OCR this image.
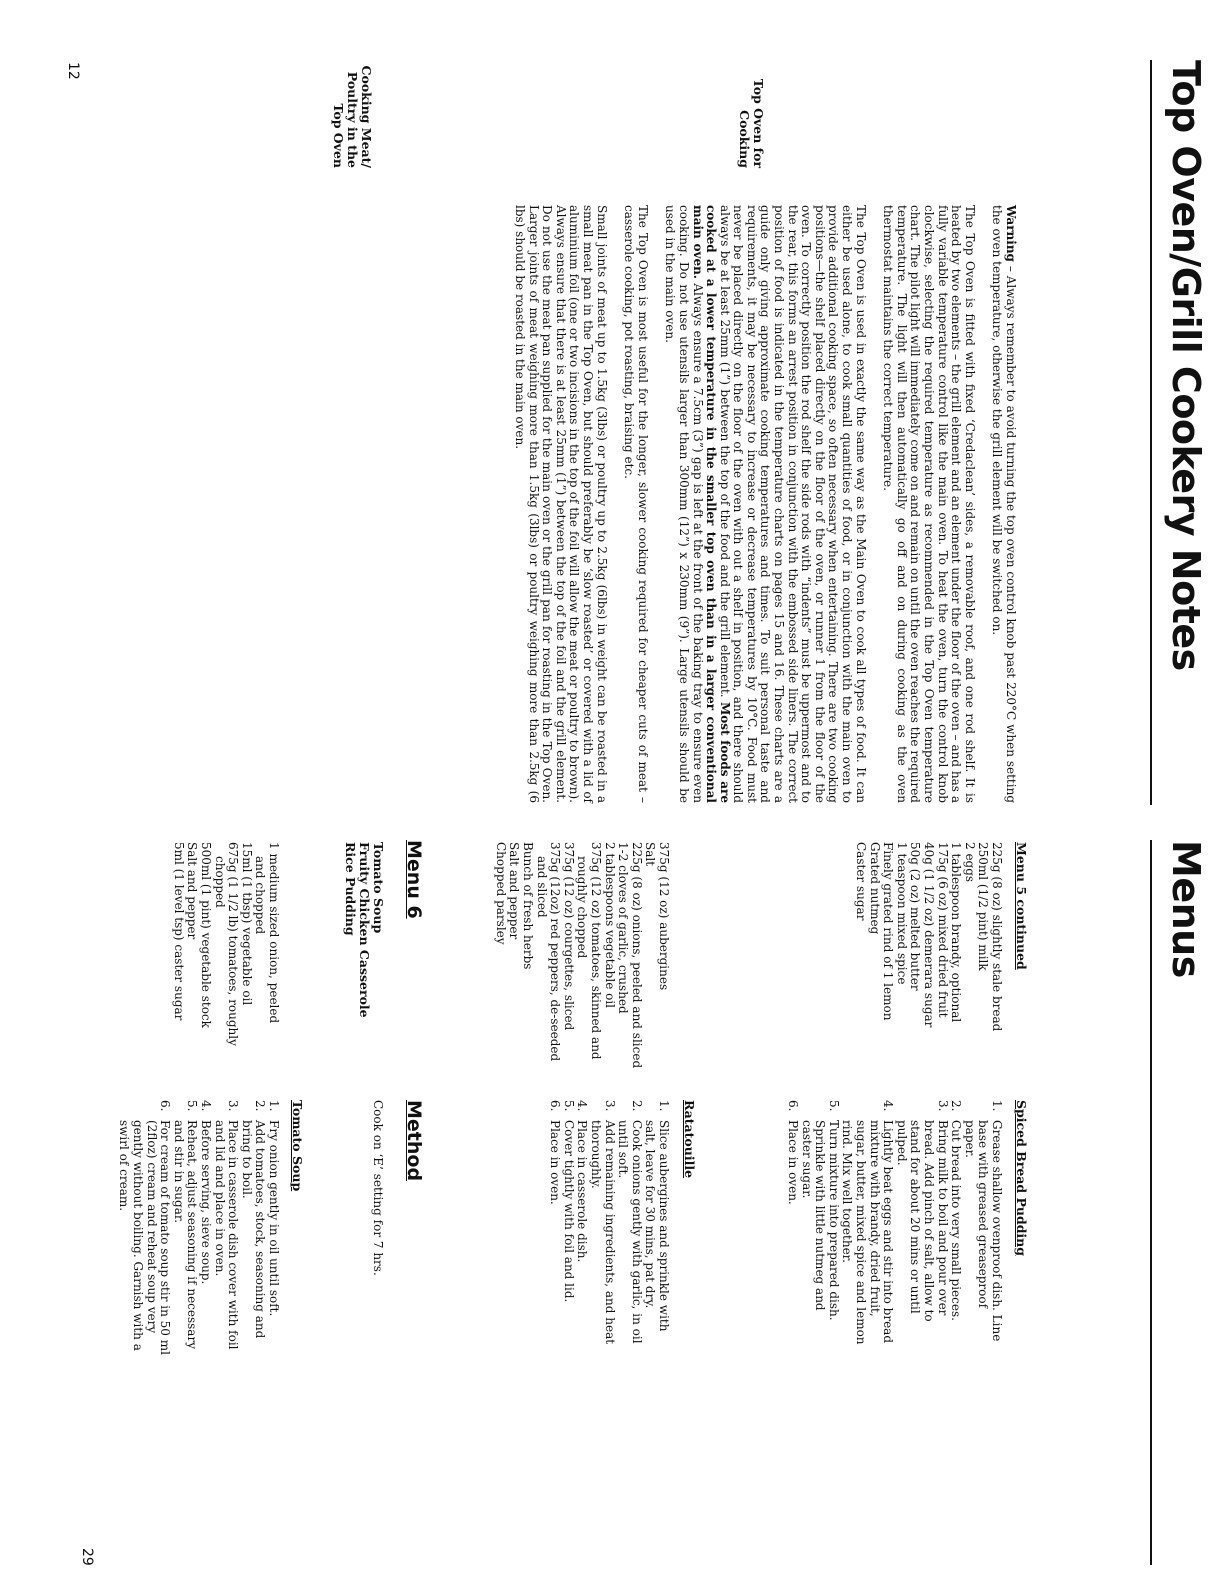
Top Oven/Grill Cookery Notes
Top Oven for
Cooking
Cooking Meat/
Poultry in the
Top Oven

Warning – Always remember to avoid turning the top oven control knob past 220°C when setting the oven temperature, otherwise the grill element will be switched on.

The Top Oven is fitted with fixed ‘Credaclean’ sides, a removable roof, and one rod shelf. It is heated by two elements – the grill element and an element under the floor of the oven – and has a fully variable temperature control like the main oven. To heat the oven, turn the control knob clockwise, selecting the required temperature as recommended in the Top Oven temperature chart. The pilot light will immediately come on and remain on until the oven reaches the required temperature. The light will then automatically go off and on during cooking as the oven thermostat maintains the correct temperature.

The Top Oven is used in exactly the same way as the Main Oven to cook all types of food. It can either be used alone, to cook small quantities of food, or in conjunction with the main oven to provide additional cooking space, so often necessary when entertaining. There are two cooking positions—the shelf placed directly on the floor of the oven, or runner 1 from the floor of the oven. To correctly position the rod shelf the side rods with “indents” must be uppermost and to the rear, this forms an arrest position in conjunction with the embossed side liners. The correct position of food is indicated in the temperature charts on pages 15 and 16. These charts are a guide only giving approximate cooking temperatures and times. To suit personal taste and requirements, it may be necessary to increase or decrease temperatures by 10°C. Food must never be placed directly on the floor of the oven with out a shelf in position, and there should always be at least 25mm (1”) between the top of the food and the grill element. Most foods are cooked at a lower temperature in the smaller top oven than in a larger conventional main oven. Always ensure a 7.5cm (3”) gap is left at the front of the baking tray to ensure even cooking. Do not use utensils larger than 300mm (12”) x 230mm (9”). Large utensils should be used in the main oven.

The Top Oven is most useful for the longer, slower cooking required for cheaper cuts of meat – casserole cooking, pot roasting, braising etc.

Small joints of meat up to 1.5kg (3lbs) or poultry up to 2.5kg (6lbs) in weight can be roasted in a small meat pan in the Top Oven, but should preferably be ‘slow roasted’ or covered with a lid of aluminium foil (one or two incisions in the top of the foil will allow the meat or poultry to brown). Always ensure that there is at least 25mm (1”) between the top of the foil and the grill element. Do not use the meat pan supplied for the main oven or the grill pan for roasting in the Top Oven. Larger joints of meat weighing more than 1.5kg (3lbs) or poultry weighing more than 2.5kg (6 lbs) should be roasted in the main oven.

12
Menus
Menu 5 continued
Spiced Bread Pudding
225g (8 oz) slightly stale bread
250ml (1/2 pint) milk
2 eggs
1 tablespoon brandy, optional
175g (6 oz) mixed dried fruit
40g (1 1/2 oz) demerara sugar
50g (2 oz) melted butter
1 teaspoon mixed spice
Finely grated rind of 1 lemon
Grated nutmeg
Caster sugar
1.
Grease shallow ovenproof dish. Line
base with greased greaseproof
paper.
2.
Cut bread into very small pieces.
3.
Bring milk to boil and pour over
bread. Add pinch of salt, allow to
stand for about 20 mins or until
pulped.
4.
Lightly beat eggs and stir into bread
mixture with brandy, dried fruit,
sugar, butter, mixed spice and lemon
rind. Mix well together.
5.
Turn mixture into prepared dish.
Sprinkle with little nutmeg and
caster sugar.
6.
Place in oven.
Ratatouille
375g (12 oz) aubergines
Salt
225g (8 oz) onions, peeled and sliced
1-2 cloves of garlic, crushed
2 tablespoons vegetable oil
375g (12 oz) tomatoes, skinned and
roughly chopped
375g (12 oz) courgettes, sliced
375g (12oz) red peppers, de-seeded
and sliced
Bunch of fresh herbs
Salt and pepper
Chopped parsley
1.
Slice aubergines and sprinkle with
salt, leave for 30 mins, pat dry.
2.
Cook onions gently with garlic, in oil
until soft.
3.
Add remaining ingredients, and heat
thoroughly.
4.
Place in casserole dish.
5.
Cover tightly with foil and lid.
6.
Place in oven.
Menu 6
Method
Tomato Soup
Fruity Chicken Casserole
Rice Pudding
Cook on ‘E’ setting for 7 hrs.
Tomato Soup
1 medium sized onion, peeled
and chopped
15ml (1 tbsp) vegetable oil
675g (1 1/2 lb) tomatoes, roughly
chopped
500ml (1 pint) vegetable stock
Salt and pepper
5ml (1 level tsp) caster sugar
1.
Fry onion gently in oil until soft.
2.
Add tomatoes, stock, seasoning and
bring to boil.
3.
Place in casserole dish cover with foil
and lid and place in oven.
4.
Before serving, sieve soup.
5.
Reheat, adjust seasoning if necessary
and stir in sugar.
6.
For cream of tomato soup stir in 50 ml
(2floz) cream and reheat soup very
gently without boiling. Garnish with a
swirl of cream.
29
